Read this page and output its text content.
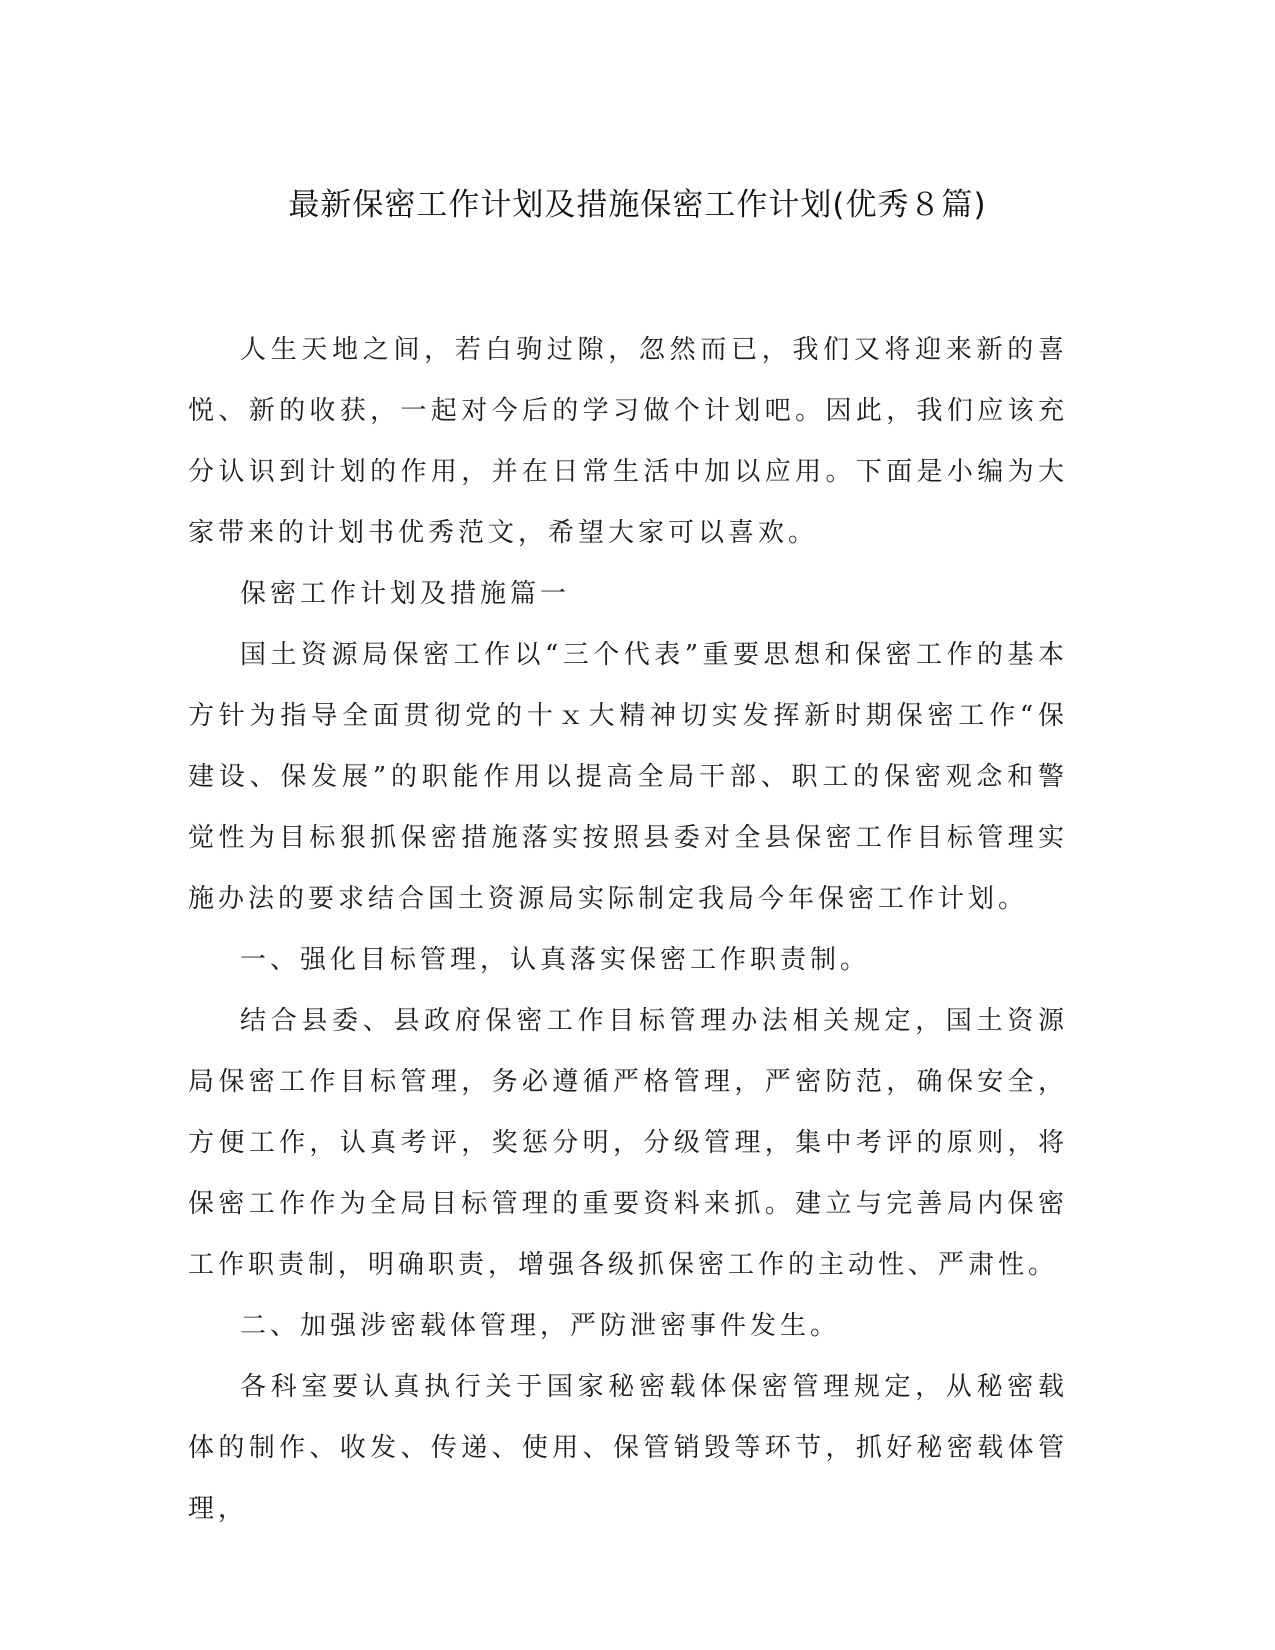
最新保密工作计划及措施保密工作计划(优秀８篇)

人生天地之间，若白驹过隙，忽然而已，我们又将迎来新的喜悦、新的收获，一起对今后的学习做个计划吧。因此，我们应该充分认识到计划的作用，并在日常生活中加以应用。下面是小编为大家带来的计划书优秀范文，希望大家可以喜欢。

保密工作计划及措施篇一

国土资源局保密工作以“三个代表”重要思想和保密工作的基本方针为指导全面贯彻党的十ｘ大精神切实发挥新时期保密工作“保建设、保发展”的职能作用以提高全局干部、职工的保密观念和警觉性为目标狠抓保密措施落实按照县委对全县保密工作目标管理实施办法的要求结合国土资源局实际制定我局今年保密工作计划。

一、强化目标管理，认真落实保密工作职责制。

结合县委、县政府保密工作目标管理办法相关规定，国土资源局保密工作目标管理，务必遵循严格管理，严密防范，确保安全，方便工作，认真考评，奖惩分明，分级管理，集中考评的原则，将保密工作作为全局目标管理的重要资料来抓。建立与完善局内保密工作职责制，明确职责，增强各级抓保密工作的主动性、严肃性。

二、加强涉密载体管理，严防泄密事件发生。

各科室要认真执行关于国家秘密载体保密管理规定，从秘密载体的制作、收发、传递、使用、保管销毁等环节，抓好秘密载体管理，
